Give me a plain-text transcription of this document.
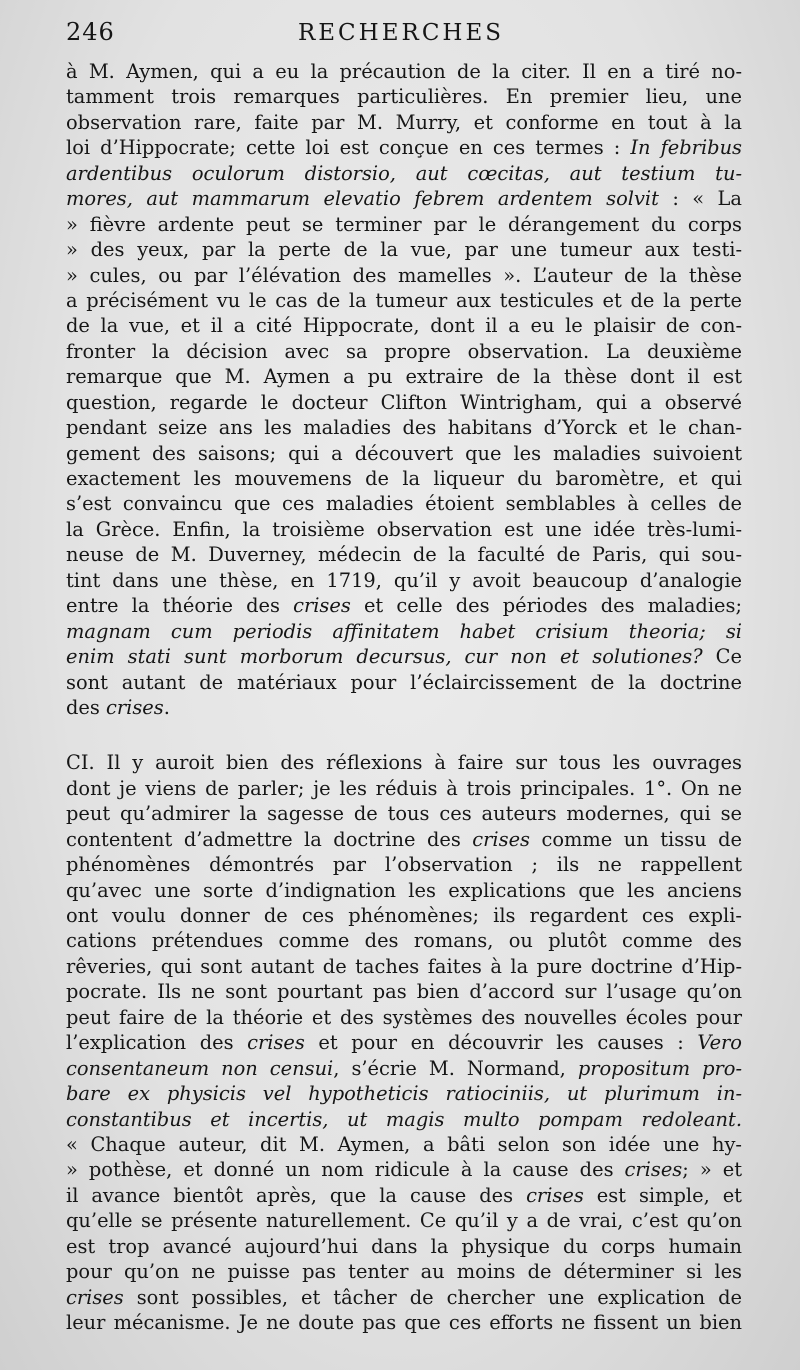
246	RECHERCHES
à M. Aymen, qui a eu la précaution de la citer. Il en a tiré no-
tamment trois remarques particulières. En premier lieu, une
observation rare, faite par M. Murry, et conforme en tout à la
loi d’Hippocrate; cette loi est conçue en ces termes : In febribus
ardentibus oculorum distorsio, aut cœcitas, aut testium tu-
mores, aut mammarum elevatio febrem ardentem solvit : « La
» fièvre ardente peut se terminer par le dérangement du corps
» des yeux, par la perte de la vue, par une tumeur aux testi-
» cules, ou par l’élévation des mamelles ». L’auteur de la thèse
a précisément vu le cas de la tumeur aux testicules et de la perte
de la vue, et il a cité Hippocrate, dont il a eu le plaisir de con-
fronter la décision avec sa propre observation. La deuxième
remarque que M. Aymen a pu extraire de la thèse dont il est
question, regarde le docteur Clifton Wintrigham, qui a observé
pendant seize ans les maladies des habitans d’Yorck et le chan-
gement des saisons; qui a découvert que les maladies suivoient
exactement les mouvemens de la liqueur du baromètre, et qui
s’est convaincu que ces maladies étoient semblables à celles de
la Grèce. Enfin, la troisième observation est une idée très-lumi-
neuse de M. Duverney, médecin de la faculté de Paris, qui sou-
tint dans une thèse, en 1719, qu’il y avoit beaucoup d’analogie
entre la théorie des crises et celle des périodes des maladies;
magnam cum periodis affinitatem habet crisium theoria; si
enim stati sunt morborum decursus, cur non et solutiones? Ce
sont autant de matériaux pour l’éclaircissement de la doctrine
des crises.
CI. Il y auroit bien des réflexions à faire sur tous les ouvrages
dont je viens de parler; je les réduis à trois principales. 1°. On ne
peut qu’admirer la sagesse de tous ces auteurs modernes, qui se
contentent d’admettre la doctrine des crises comme un tissu de
phénomènes démontrés par l’observation ; ils ne rappellent
qu’avec une sorte d’indignation les explications que les anciens
ont voulu donner de ces phénomènes; ils regardent ces expli-
cations prétendues comme des romans, ou plutôt comme des
rêveries, qui sont autant de taches faites à la pure doctrine d’Hip-
pocrate. Ils ne sont pourtant pas bien d’accord sur l’usage qu’on
peut faire de la théorie et des systèmes des nouvelles écoles pour
l’explication des crises et pour en découvrir les causes : Vero
consentaneum non censui, s’écrie M. Normand, propositum pro-
bare ex physicis vel hypotheticis ratiociniis, ut plurimum in-
constantibus et incertis, ut magis multo pompam redoleant.
« Chaque auteur, dit M. Aymen, a bâti selon son idée une hy-
» pothèse, et donné un nom ridicule à la cause des crises; » et
il avance bientôt après, que la cause des crises est simple, et
qu’elle se présente naturellement. Ce qu’il y a de vrai, c’est qu’on
est trop avancé aujourd’hui dans la physique du corps humain
pour qu’on ne puisse pas tenter au moins de déterminer si les
crises sont possibles, et tâcher de chercher une explication de
leur mécanisme. Je ne doute pas que ces efforts ne fissent un bien
